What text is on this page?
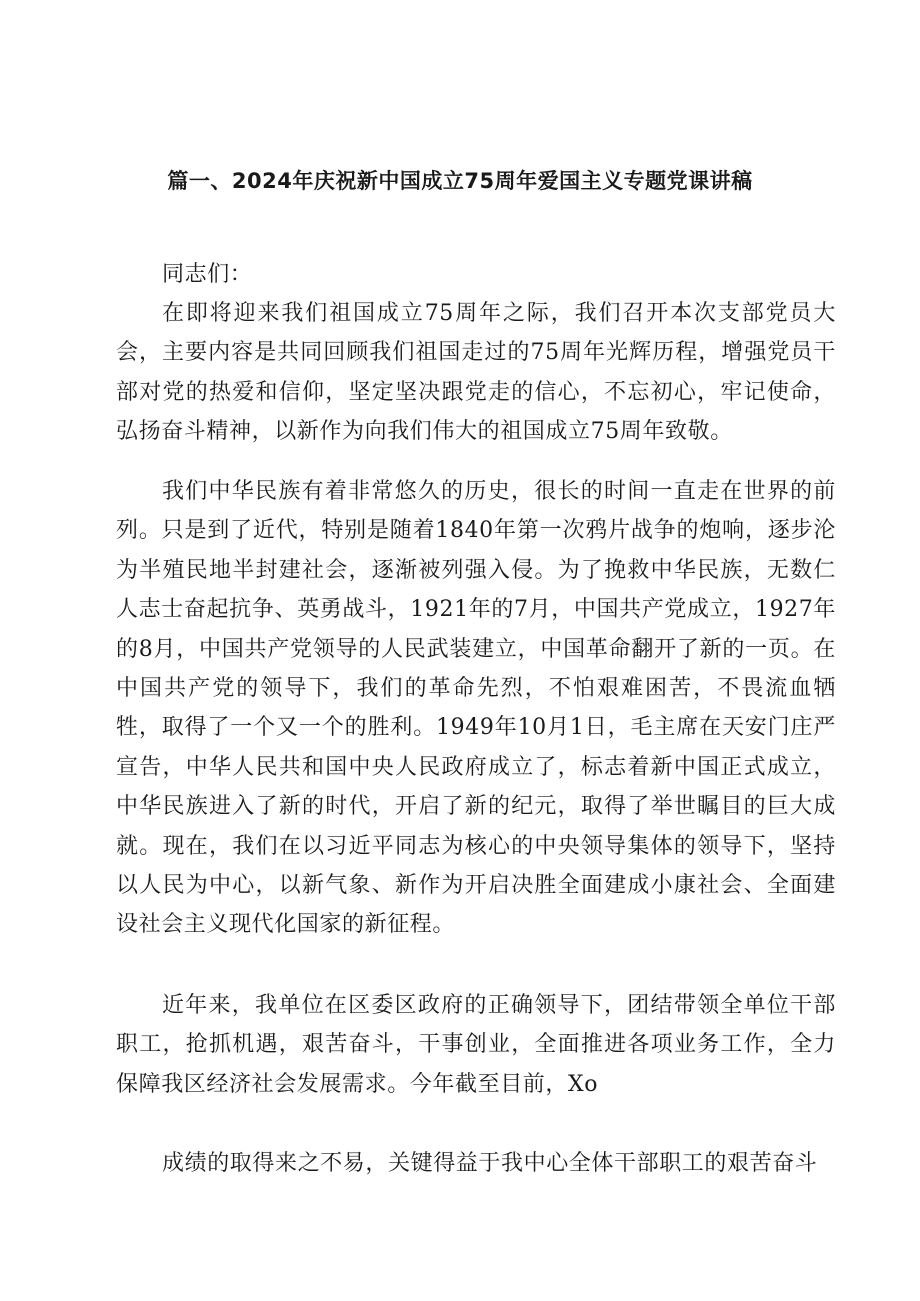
篇一、2024年庆祝新中国成立75周年爱国主义专题党课讲稿

同志们：

在即将迎来我们祖国成立75周年之际，我们召开本次支部党员大会，主要内容是共同回顾我们祖国走过的75周年光辉历程，增强党员干部对党的热爱和信仰，坚定坚决跟党走的信心，不忘初心，牢记使命，弘扬奋斗精神，以新作为向我们伟大的祖国成立75周年致敬。

我们中华民族有着非常悠久的历史，很长的时间一直走在世界的前列。只是到了近代，特别是随着1840年第一次鸦片战争的炮响，逐步沦为半殖民地半封建社会，逐渐被列强入侵。为了挽救中华民族，无数仁人志士奋起抗争、英勇战斗，1921年的7月，中国共产党成立，1927年的8月，中国共产党领导的人民武装建立，中国革命翻开了新的一页。在中国共产党的领导下，我们的革命先烈，不怕艰难困苦，不畏流血牺牲，取得了一个又一个的胜利。1949年10月1日，毛主席在天安门庄严宣告，中华人民共和国中央人民政府成立了，标志着新中国正式成立，中华民族进入了新的时代，开启了新的纪元，取得了举世瞩目的巨大成就。现在，我们在以习近平同志为核心的中央领导集体的领导下，坚持以人民为中心，以新气象、新作为开启决胜全面建成小康社会、全面建设社会主义现代化国家的新征程。

近年来，我单位在区委区政府的正确领导下，团结带领全单位干部职工，抢抓机遇，艰苦奋斗，干事创业，全面推进各项业务工作，全力保障我区经济社会发展需求。今年截至目前，Xo

成绩的取得来之不易，关键得益于我中心全体干部职工的艰苦奋斗
